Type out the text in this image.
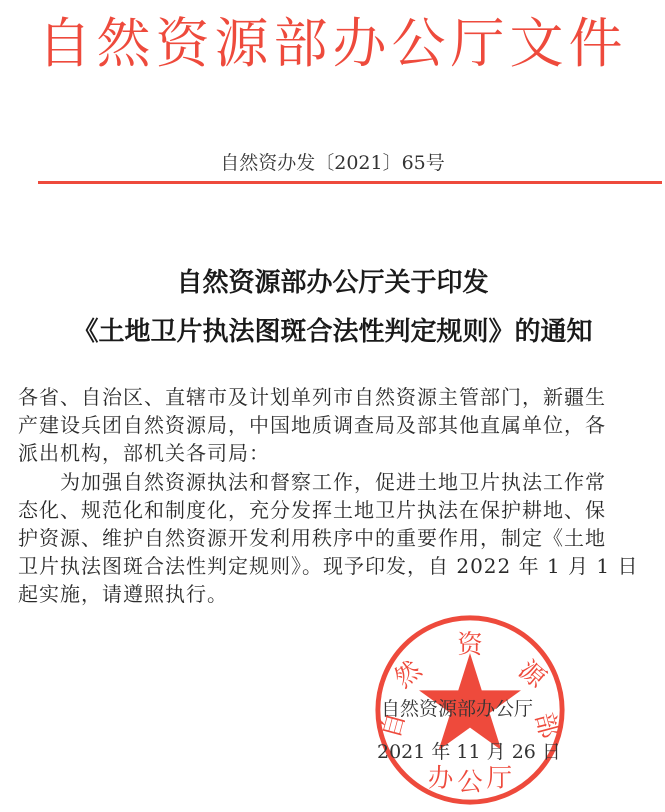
自然资源部办公厅文件
自然资办发〔2021〕65号
自然资源部办公厅关于印发
《土地卫片执法图斑合法性判定规则》的通知
各省、自治区、直辖市及计划单列市自然资源主管部门，新疆生
产建设兵团自然资源局，中国地质调查局及部其他直属单位，各
派出机构，部机关各司局：
　　为加强自然资源执法和督察工作，促进土地卫片执法工作常
态化、规范化和制度化，充分发挥土地卫片执法在保护耕地、保
护资源、维护自然资源开发利用秩序中的重要作用，制定《土地
卫片执法图斑合法性判定规则》。现予印发，自 2022 年 1 月 1 日
起实施，请遵照执行。
然
资
源
自	部
办 公 厅
自然资源部办公厅
2021 年 11 月 26 日
